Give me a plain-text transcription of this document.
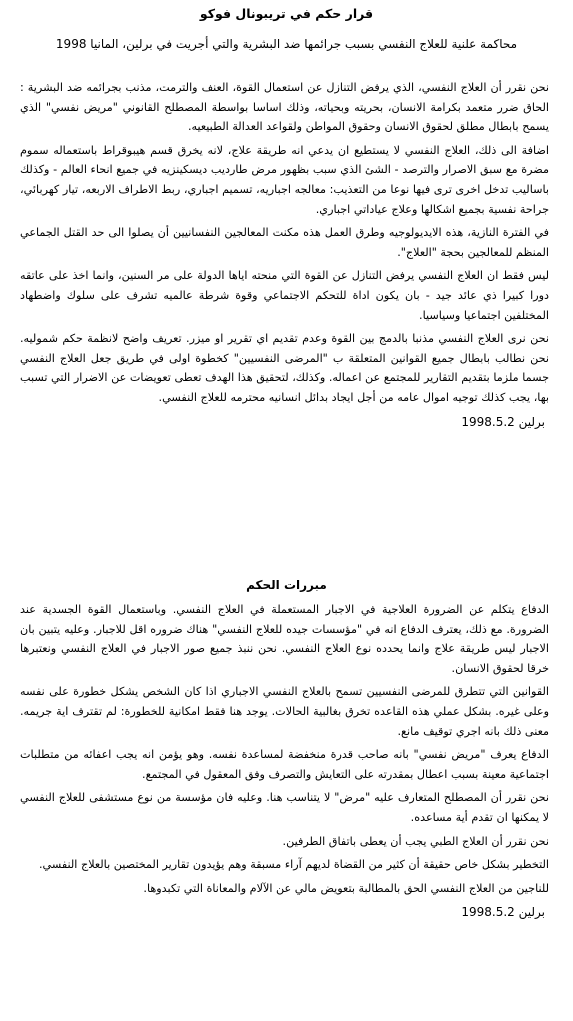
قرار حكم في تريبونال فوكو
محاكمة علنية للعلاج النفسي بسبب جرائمها ضد البشرية والتي أجريت في برلين، المانيا 1998

نحن نقرر أن العلاج النفسي، الذي يرفض التنازل عن استعمال القوة، العنف والترمت، مذنب بجرائمه ضد البشرية : الحاق ضرر متعمد بكرامة الانسان، بحريته وبحياته، وذلك اساسا بواسطة المصطلح القانوني "مريض نفسي" الذي يسمح بابطال مطلق لحقوق الانسان وحقوق المواطن ولقواعد العدالة الطبيعيه.

اضافة الى ذلك، العلاج النفسي لا يستطيع ان يدعي انه طريقة علاج، لانه يخرق قسم هيبوقراط باستعماله سموم مضرة مع سبق الاصرار والترصد - الشئ الذي سبب بظهور مرض طارديب ديسكينزيه في جميع انحاء العالم - وكذلك باساليب تدخل اخرى ترى فيها نوعا من التعذيب: معالجه اجباريه، تسميم اجباري، ربط الاطراف الاربعه، تيار كهربائي، جراحة نفسية بجميع اشكالها وعلاج عياداتي اجباري.

في الفترة النازية، هذه الايديولوجيه وطرق العمل هذه مكنت المعالجين النفسانيين أن يصلوا الى حد القتل الجماعي المنظم للمعالجين بحجة "العلاج".

ليس فقط ان العلاج النفسي يرفض التنازل عن القوة التي منحته اياها الدولة على مر السنين، وانما اخذ على عاتقه دورا كبيرا ذي عائد جيد - بان يكون اداة للتحكم الاجتماعي وقوة شرطة عالميه تشرف على سلوك واضطهاد المختلفين اجتماعيا وسياسيا.

نحن نرى العلاج النفسي مذنبا بالدمج بين القوة وعدم تقديم اي تقرير او ميزر. تعريف واضح لانظمة حكم شموليه. نحن نطالب بابطال جميع القوانين المتعلقة ب "المرضى النفسيين" كخطوة اولى في طريق جعل العلاج النفسي جسما ملزما بتقديم التقارير للمجتمع عن اعماله. وكذلك، لتحقيق هذا الهدف تعطى تعويضات عن الاضرار التي تسبب بها، يجب كذلك توجيه اموال عامه من أجل ايجاد بدائل انسانيه محترمه للعلاج النفسي.

برلين 1998.5.2

مبررات الحكم

الدفاع يتكلم عن الضرورة العلاجية في الاجبار المستعملة في العلاج النفسي. وباستعمال القوة الجسدية عند الضرورة. مع ذلك، يعترف الدفاع انه في "مؤسسات جيده للعلاج النفسي" هناك ضروره اقل للاجبار. وعليه يتبين بان الاجبار ليس طريقة علاج وانما يحدده نوع العلاج النفسي. نحن ننبذ جميع صور الاجبار في العلاج النفسي ونعتبرها خرقا لحقوق الانسان.

القوانين التي تتطرق للمرضى النفسيين تسمح بالعلاج النفسي الاجباري اذا كان الشخص يشكل خطورة على نفسه وعلى غيره. بشكل عملي هذه القاعده تخرق بغالبية الحالات. يوجد هنا فقط امكانية للخطورة: لم تقترف اية جريمه. معنى ذلك بانه اجري توقيف مانع.

الدفاع يعرف "مريض نفسي" بانه صاحب قدرة منخفضة لمساعدة نفسه. وهو يؤمن انه يجب اعفائه من متطلبات اجتماعية معينة بسبب اعطال بمقدرته على التعايش والتصرف وفق المعقول في المجتمع.

نحن نقرر أن المصطلح المتعارف عليه "مرض" لا يتناسب هنا. وعليه فان مؤسسة من نوع مستشفى للعلاج النفسي لا يمكنها ان تقدم أية مساعده.

نحن نقرر أن العلاج الطبي يجب أن يعطى باتفاق الطرفين.

التخطير بشكل خاص حقيقة أن كثير من القضاة لديهم آراء مسبقة وهم يؤيدون تقارير المختصين بالعلاج النفسي.

للناجين من العلاج النفسي الحق بالمطالبة بتعويض مالي عن الآلام والمعاناة التي تكبدوها.

برلين 1998.5.2
